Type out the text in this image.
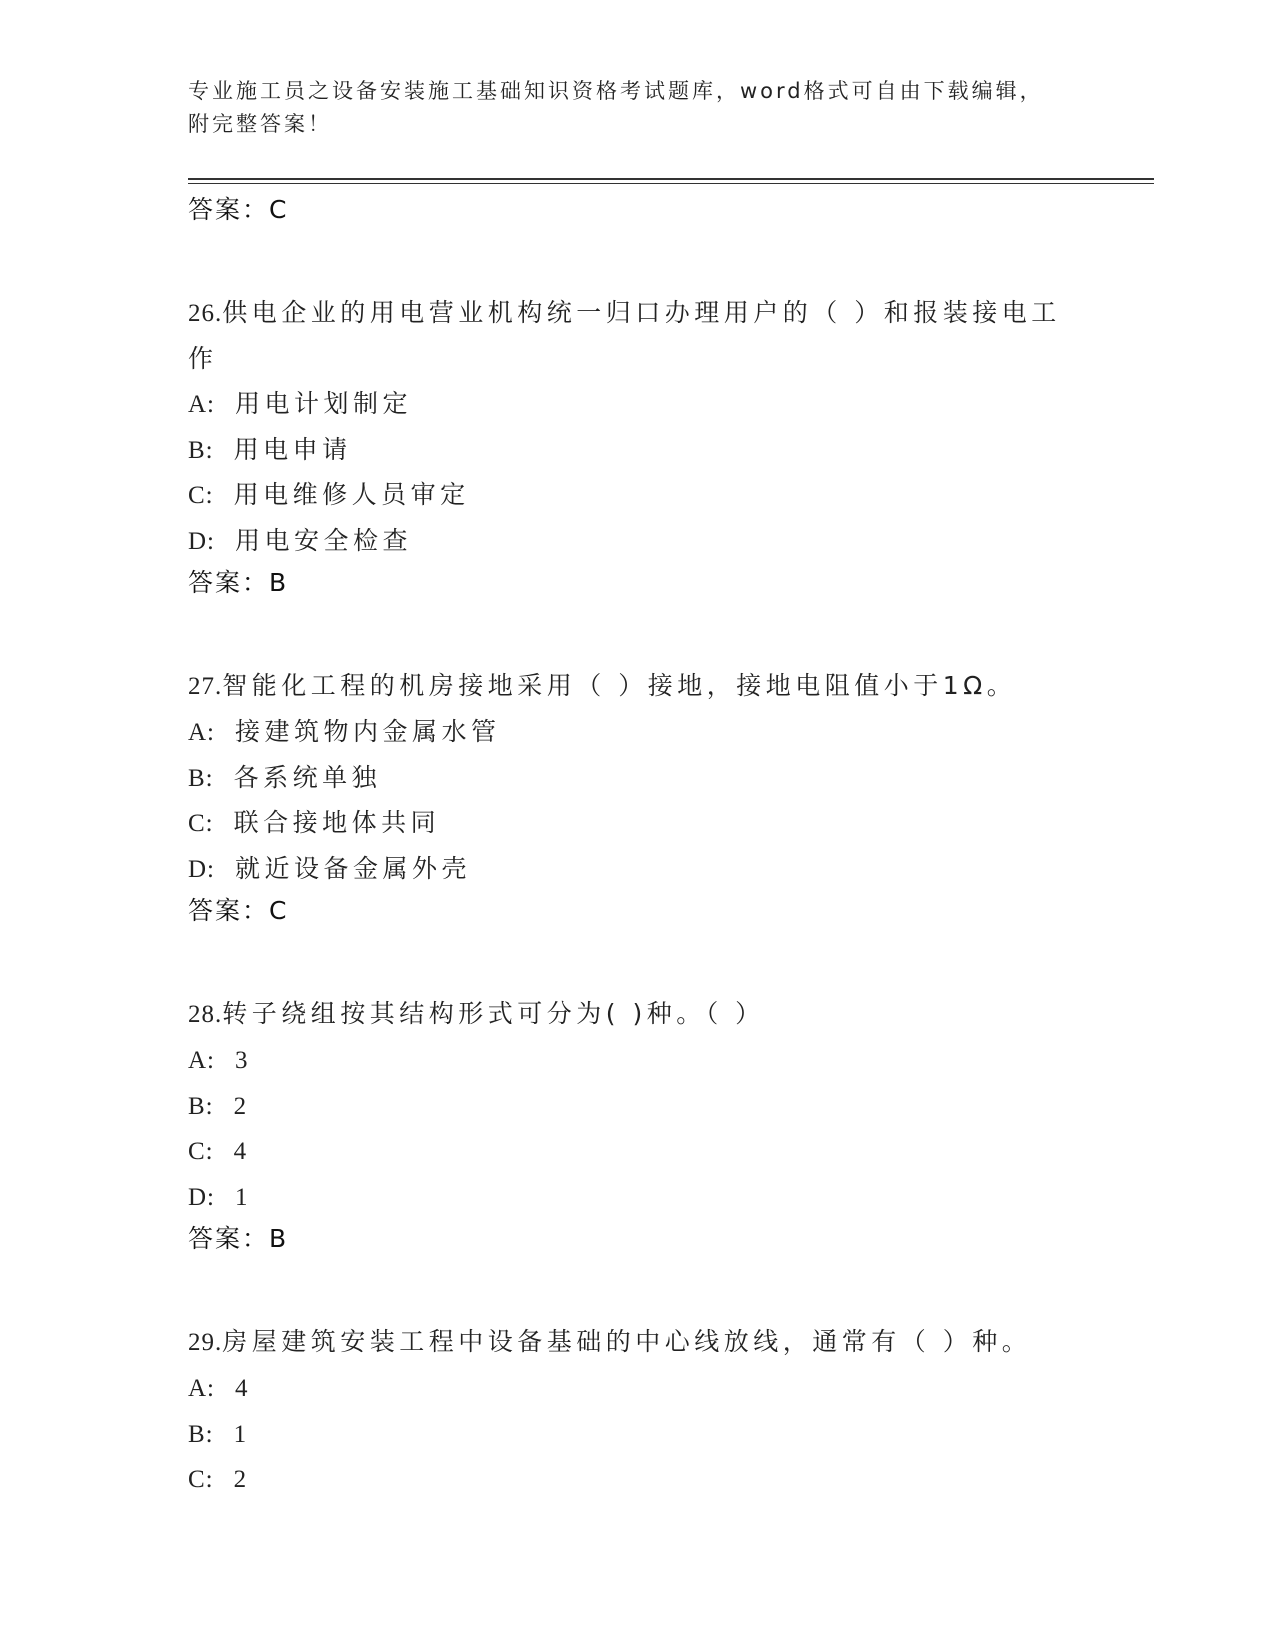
专业施工员之设备安装施工基础知识资格考试题库，word格式可自由下载编辑，
附完整答案！
答案：C
26.供电企业的用电营业机构统一归口办理用户的（ ）和报装接电工
作
A: 用电计划制定
B: 用电申请
C: 用电维修人员审定
D: 用电安全检查
答案：B
27.智能化工程的机房接地采用（ ）接地，接地电阻值小于1Ω。
A: 接建筑物内金属水管
B: 各系统单独
C: 联合接地体共同
D: 就近设备金属外壳
答案：C
28.转子绕组按其结构形式可分为( )种。（ ）
A: 3
B: 2
C: 4
D: 1
答案：B
29.房屋建筑安装工程中设备基础的中心线放线，通常有（ ）种。
A: 4
B: 1
C: 2
